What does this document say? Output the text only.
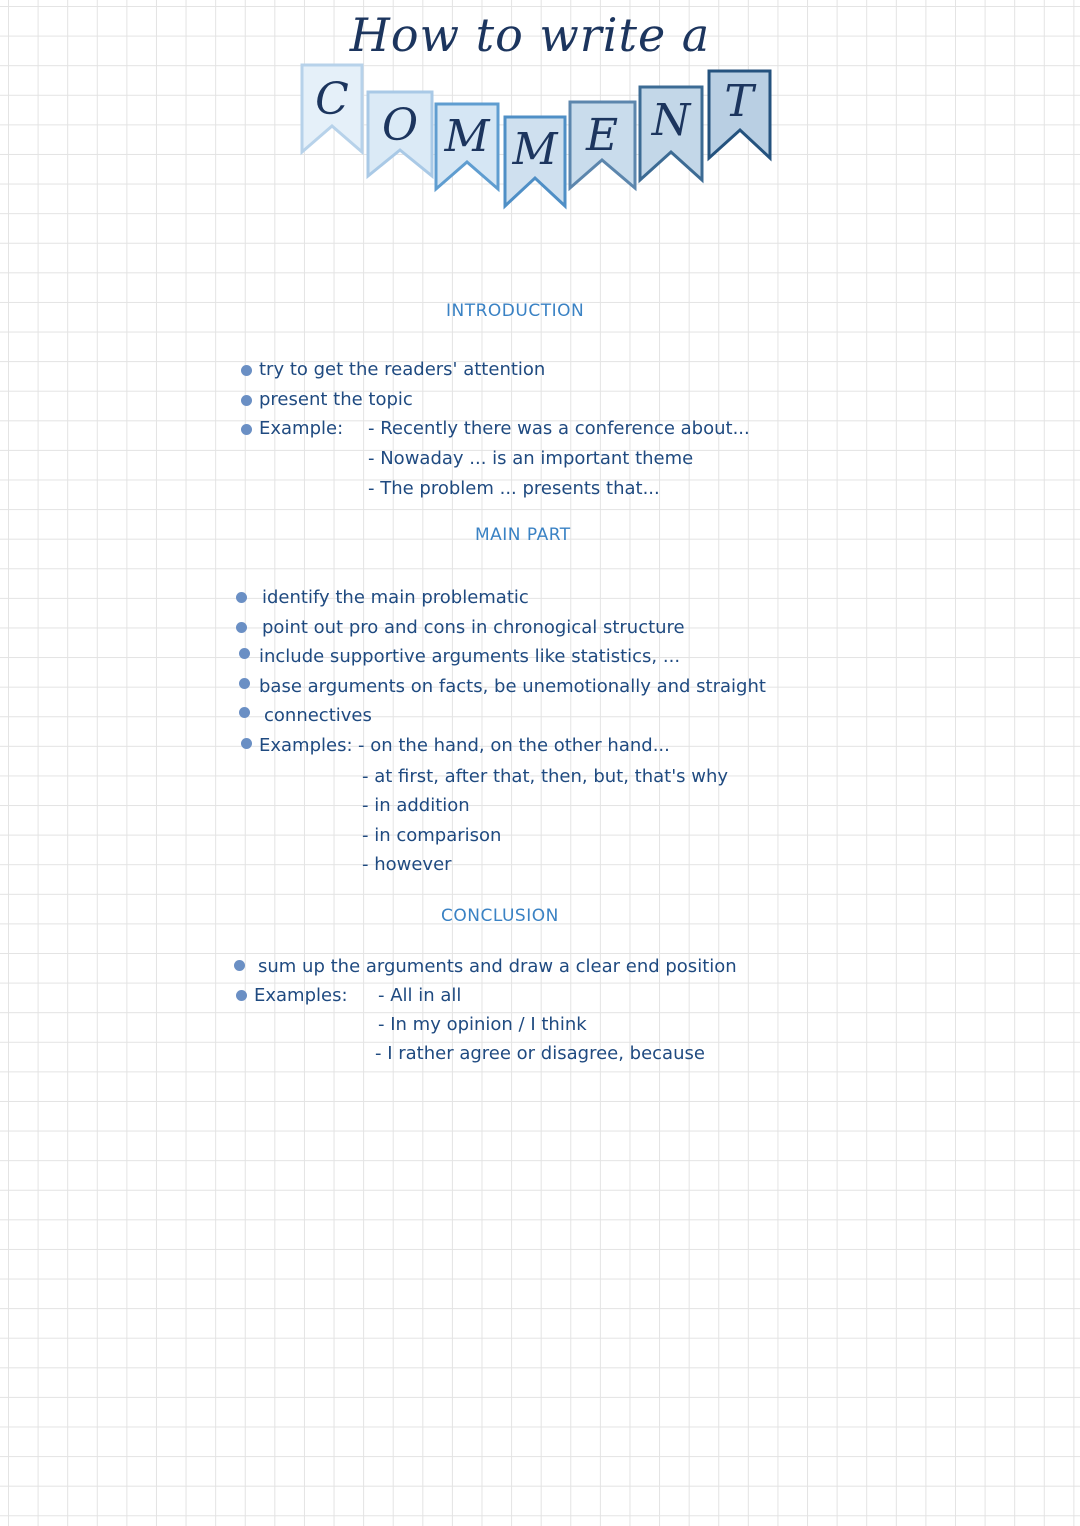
How to write a
C
O M M E N T
INTRODUCTION
try to get the readers' attention
present the topic
Example: - Recently there was a conference about...
- Nowaday ... is an important theme
- The problem ... presents that...
MAIN PART
identify the main problematic
point out pro and cons in chronogical structure
include supportive arguments like statistics, ...
base arguments on facts, be unemotionally and straight
connectives
Examples: - on the hand, on the other hand...
- at first, after that, then, but, that's why
- in addition
- in comparison
- however
CONCLUSION
sum up the arguments and draw a clear end position
Examples: - All in all
- In my opinion / I think
- I rather agree or disagree, because
